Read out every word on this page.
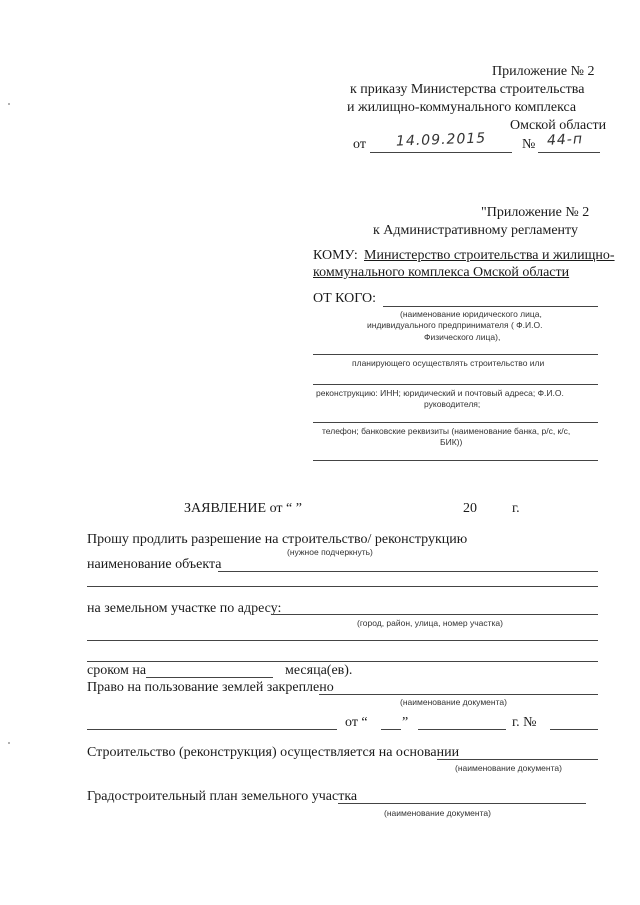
Приложение № 2
к приказу Министерства строительства
и жилищно-коммунального комплекса
Омской области
от 14.09.2015	№ 44-п
"Приложение № 2
к Административному регламенту
КОМУ: Министерство строительства и жилищно-
коммунального комплекса Омской области
ОТ КОГО:
(наименование юридического лица,
индивидуального предпринимателя ( Ф.И.О.
Физического лица),
планирующего осуществлять строительство или
реконструкцию: ИНН; юридический и почтовый адреса; Ф.И.О.
руководителя;
телефон; банковские реквизиты (наименование банка, р/с, к/с,
БИК))
ЗАЯВЛЕНИЕ от “ ”	20	г.
Прошу продлить разрешение на строительство/ реконструкцию
(нужное подчеркнуть)
наименование объекта
на земельном участке по адресу:
(город, район, улица, номер участка)
сроком на	месяца(ев).
Право на пользование землей закреплено
(наименование документа)
от “ ”	г. №
Строительство (реконструкция) осуществляется на основании
(наименование документа)
Градостроительный план земельного участка
(наименование документа)
